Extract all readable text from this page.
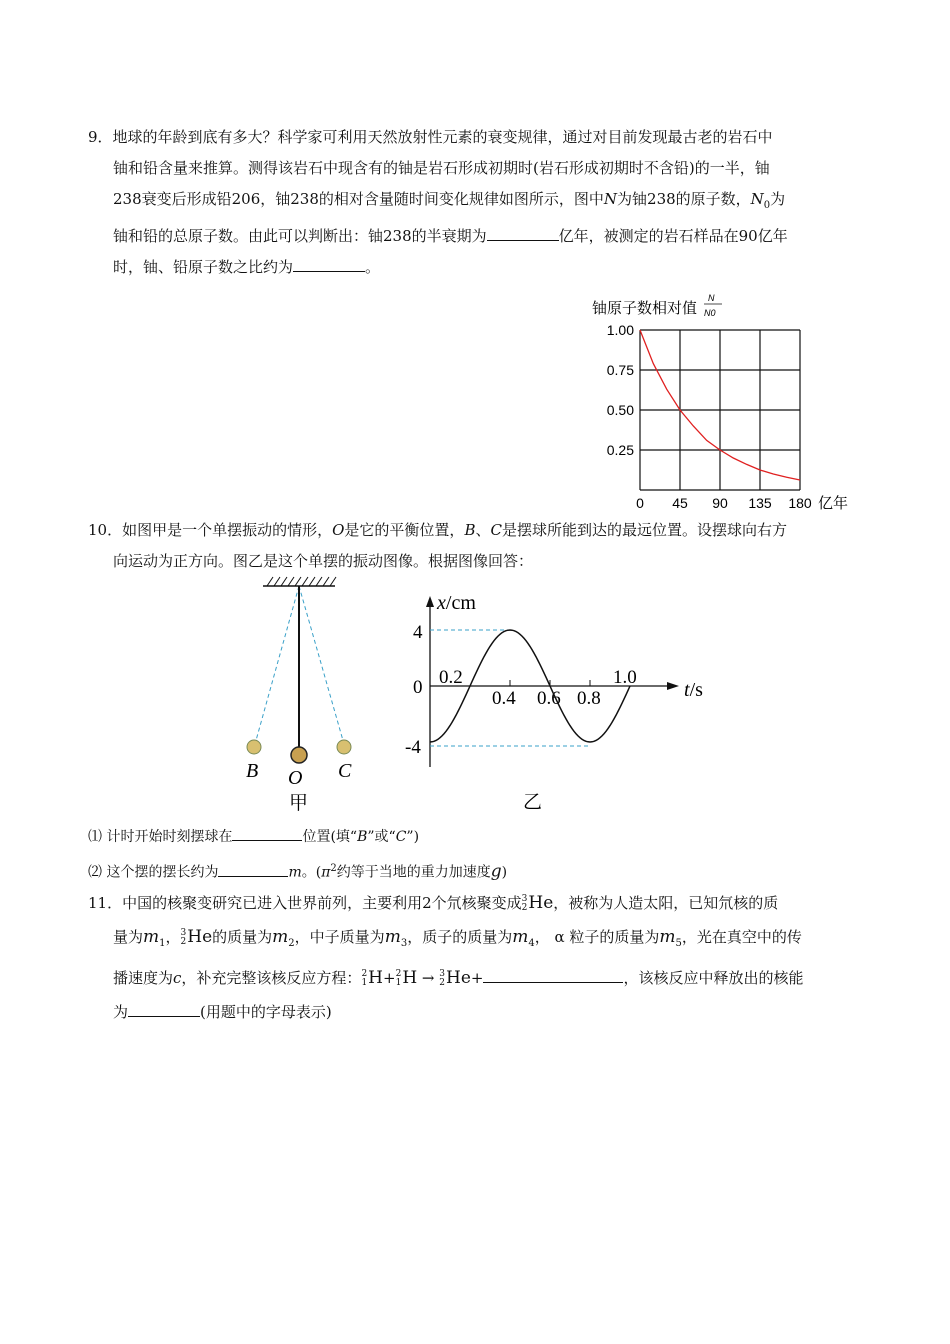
9．地球的年龄到底有多大？科学家可利用天然放射性元素的衰变规律，通过对目前发现最古老的岩石中

铀和铅含量来推算。测得该岩石中现含有的铀是岩石形成初期时(岩石形成初期时不含铅)的一半，铀

238衰变后形成铅206，铀238的相对含量随时间变化规律如图所示，图中N为铀238的原子数，$N_0$为

铀和铅的总原子数。由此可以判断出：铀238的半衰期为	亿年，被测定的岩石样品在90亿年

时，铀、铅原子数之比约为	。

铀原子数相对值
N
N0
1.00
0.75
0.50
0.25
0 45 90 135 180 亿年

10．如图甲是一个单摆振动的情形，O是它的平衡位置，B、C是摆球所能到达的最远位置。设摆球向右方

向运动为正方向。图乙是这个单摆的振动图像。根据图像回答：

B O C
甲
x/cm
t/s
4
0
-4
0.2
0.4 0.6 0.8
1.0
乙

⑴ 计时开始时刻摆球在	位置(填“B”或“C”)

⑵ 这个摆的摆长约为	m。($\pi^2$约等于当地的重力加速度g)

11．中国的核聚变研究已进入世界前列，主要利用2个氘核聚变成 3
2 He，被称为人造太阳，已知氘核的质

量为$m_1$， 3
2 He的质量为$m_2$，中子质量为$m_3$，质子的质量为$m_4$， α 粒子的质量为$m_5$，光在真空中的传

播速度为c，补充完整该核反应方程： 2
1 H+ 2
1 H → 3
2 He+	，该核反应中释放出的核能

为	(用题中的字母表示)
